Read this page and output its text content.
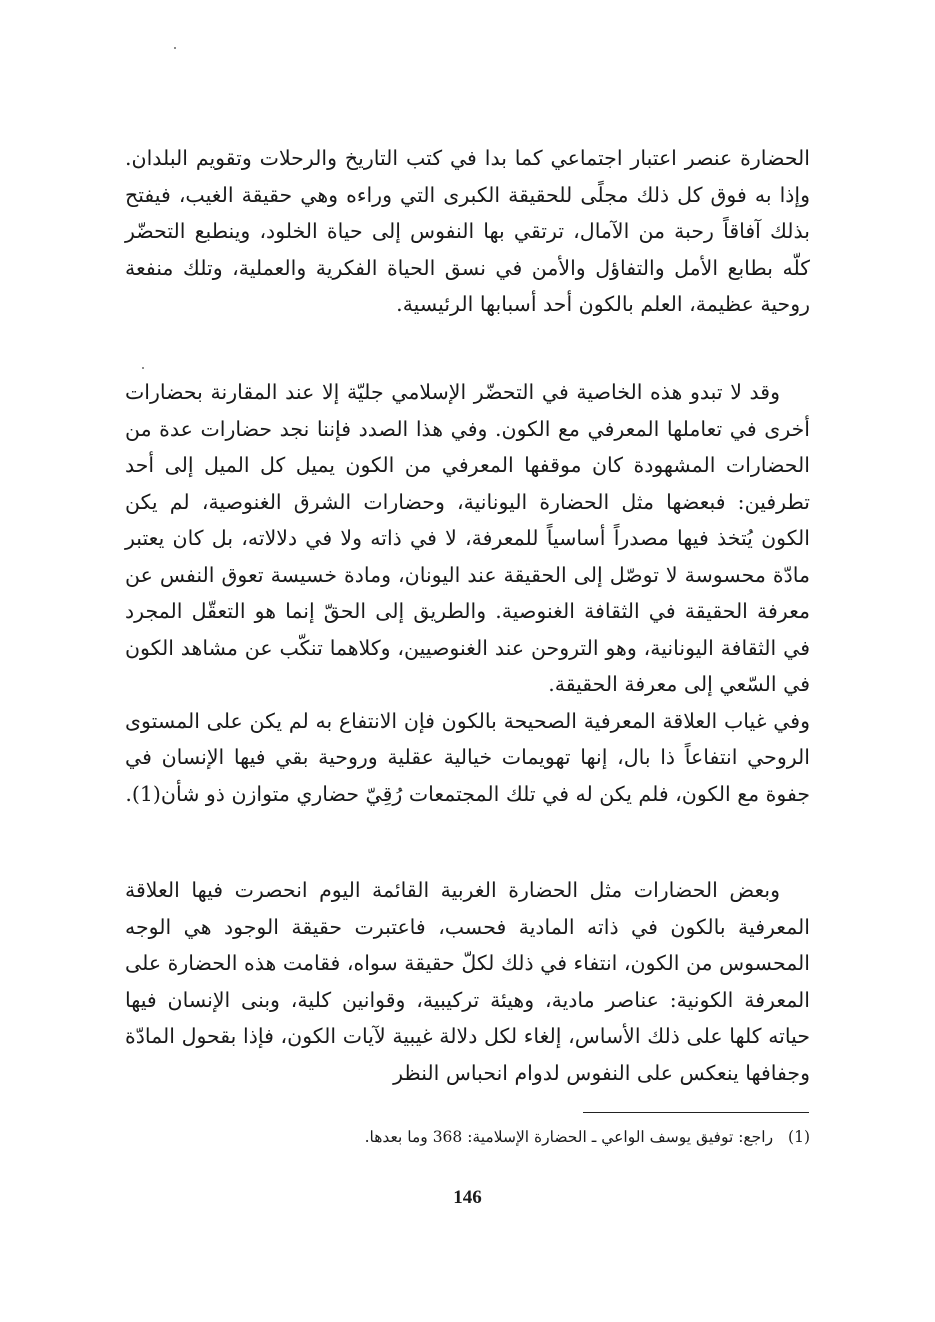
الحضارة عنصر اعتبار اجتماعي كما بدا في كتب التاريخ والرحلات وتقويم البلدان. وإذا به فوق كل ذلك مجلًى للحقيقة الكبرى التي وراءه وهي حقيقة الغيب، فيفتح بذلك آفاقاً رحبة من الآمال، ترتقي بها النفوس إلى حياة الخلود، وينطبع التحضّر كلّه بطابع الأمل والتفاؤل والأمن في نسق الحياة الفكرية والعملية، وتلك منفعة روحية عظيمة، العلم بالكون أحد أسبابها الرئيسية.

وقد لا تبدو هذه الخاصية في التحضّر الإسلامي جليّة إلا عند المقارنة بحضارات أخرى في تعاملها المعرفي مع الكون. وفي هذا الصدد فإننا نجد حضارات عدة من الحضارات المشهودة كان موقفها المعرفي من الكون يميل كل الميل إلى أحد تطرفين: فبعضها مثل الحضارة اليونانية، وحضارات الشرق الغنوصية، لم يكن الكون يُتخذ فيها مصدراً أساسياً للمعرفة، لا في ذاته ولا في دلالاته، بل كان يعتبر مادّة محسوسة لا توصّل إلى الحقيقة عند اليونان، ومادة خسيسة تعوق النفس عن معرفة الحقيقة في الثقافة الغنوصية. والطريق إلى الحقّ إنما هو التعقّل المجرد في الثقافة اليونانية، وهو التروحن عند الغنوصيين، وكلاهما تنكّب عن مشاهد الكون في السّعي إلى معرفة الحقيقة.

وفي غياب العلاقة المعرفية الصحيحة بالكون فإن الانتفاع به لم يكن على المستوى الروحي انتفاعاً ذا بال، إنها تهويمات خيالية عقلية وروحية بقي فيها الإنسان في جفوة مع الكون، فلم يكن له في تلك المجتمعات رُقِيّ حضاري متوازن ذو شأن(1).

وبعض الحضارات مثل الحضارة الغربية القائمة اليوم انحصرت فيها العلاقة المعرفية بالكون في ذاته المادية فحسب، فاعتبرت حقيقة الوجود هي الوجه المحسوس من الكون، انتفاء في ذلك لكلّ حقيقة سواه، فقامت هذه الحضارة على المعرفة الكونية: عناصر مادية، وهيئة تركيبية، وقوانين كلية، وبنى الإنسان فيها حياته كلها على ذلك الأساس، إلغاء لكل دلالة غيبية لآيات الكون، فإذا بقحول المادّة وجفافها ينعكس على النفوس لدوام انحباس النظر

(1) راجع: توفيق يوسف الواعي ـ الحضارة الإسلامية: 368 وما بعدها.
146
